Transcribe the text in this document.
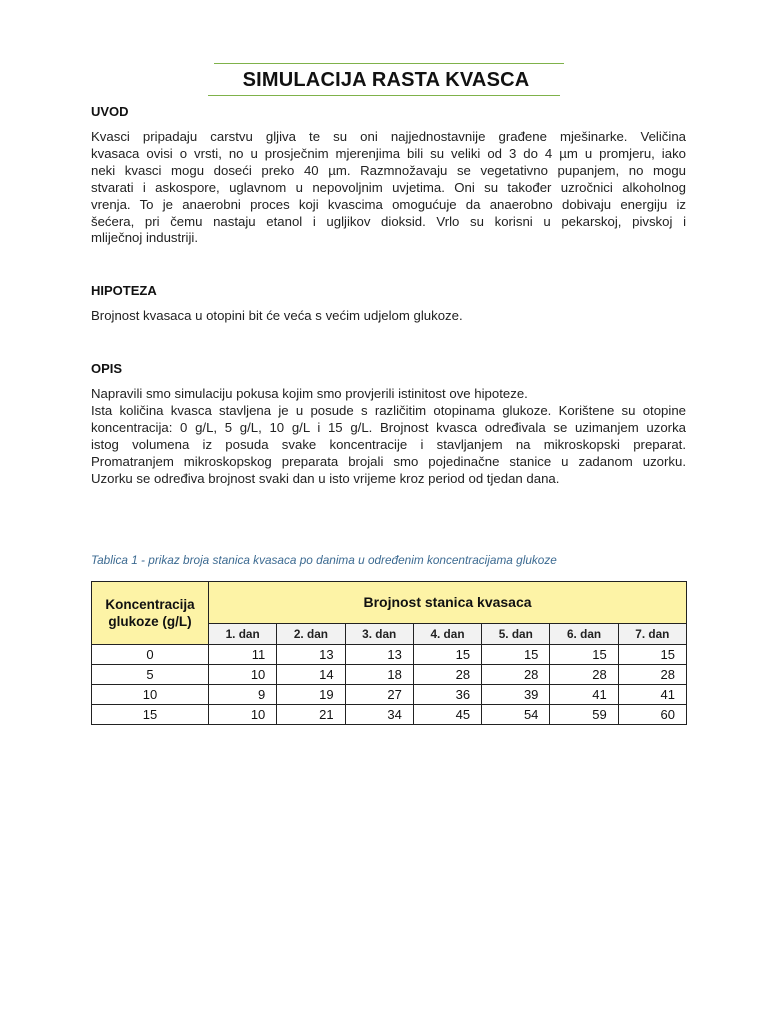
SIMULACIJA RASTA KVASCA
UVOD
Kvasci pripadaju carstvu gljiva te su oni najjednostavnije građene mješinarke. Veličina
kvasaca ovisi o vrsti, no u prosječnim mjerenjima bili su veliki od 3 do 4 µm u promjeru, iako
neki kvasci mogu doseći preko 40 µm. Razmnožavaju se vegetativno pupanjem, no mogu
stvarati i askospore, uglavnom u nepovoljnim uvjetima. Oni su također uzročnici alkoholnog
vrenja. To je anaerobni proces koji kvascima omogućuje da anaerobno dobivaju energiju iz
šećera, pri čemu nastaju etanol i ugljikov dioksid. Vrlo su korisni u pekarskoj, pivskoj i
mliječnoj industriji.
HIPOTEZA
Brojnost kvasaca u otopini bit će veća s većim udjelom glukoze.
OPIS
Napravili smo simulaciju pokusa kojim smo provjerili istinitost ove hipoteze.
Ista količina kvasca stavljena je u posude s različitim otopinama glukoze. Korištene su otopine
koncentracija: 0 g/L, 5 g/L, 10 g/L i 15 g/L. Brojnost kvasca određivala se uzimanjem uzorka
istog volumena iz posuda svake koncentracije i stavljanjem na mikroskopski preparat.
Promatranjem mikroskopskog preparata brojali smo pojedinačne stanice u zadanom uzorku.
Uzorku se određiva brojnost svaki dan u isto vrijeme kroz period od tjedan dana.
Tablica 1 - prikaz broja stanica kvasaca po danima u određenim koncentracijama glukoze
Koncentracija glukoze (g/L)	Brojnost stanica kvasaca						
	1. dan	2. dan	3. dan	4. dan	5. dan	6. dan	7. dan
0	11	13	13	15	15	15	15
5	10	14	18	28	28	28	28
10	9	19	27	36	39	41	41
15	10	21	34	45	54	59	60
